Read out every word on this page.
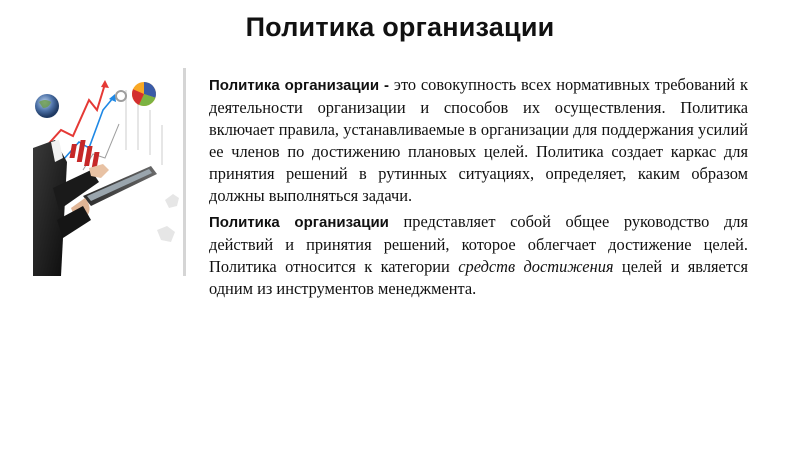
Политика организации

Политика организации - это совокупность всех нормативных требований к деятельности организации и способов их осуществления. Политика включает правила, устанавливаемые в организации для поддержания усилий ее членов по достижению плановых целей. Политика создает каркас для принятия решений в рутинных ситуациях, определяет, каким образом должны выполняться задачи.

Политика организации представляет собой общее руководство для действий и принятия решений, которое облегчает достижение целей. Политика относится к категории средств достижения целей и является одним из инструментов менеджмента.
